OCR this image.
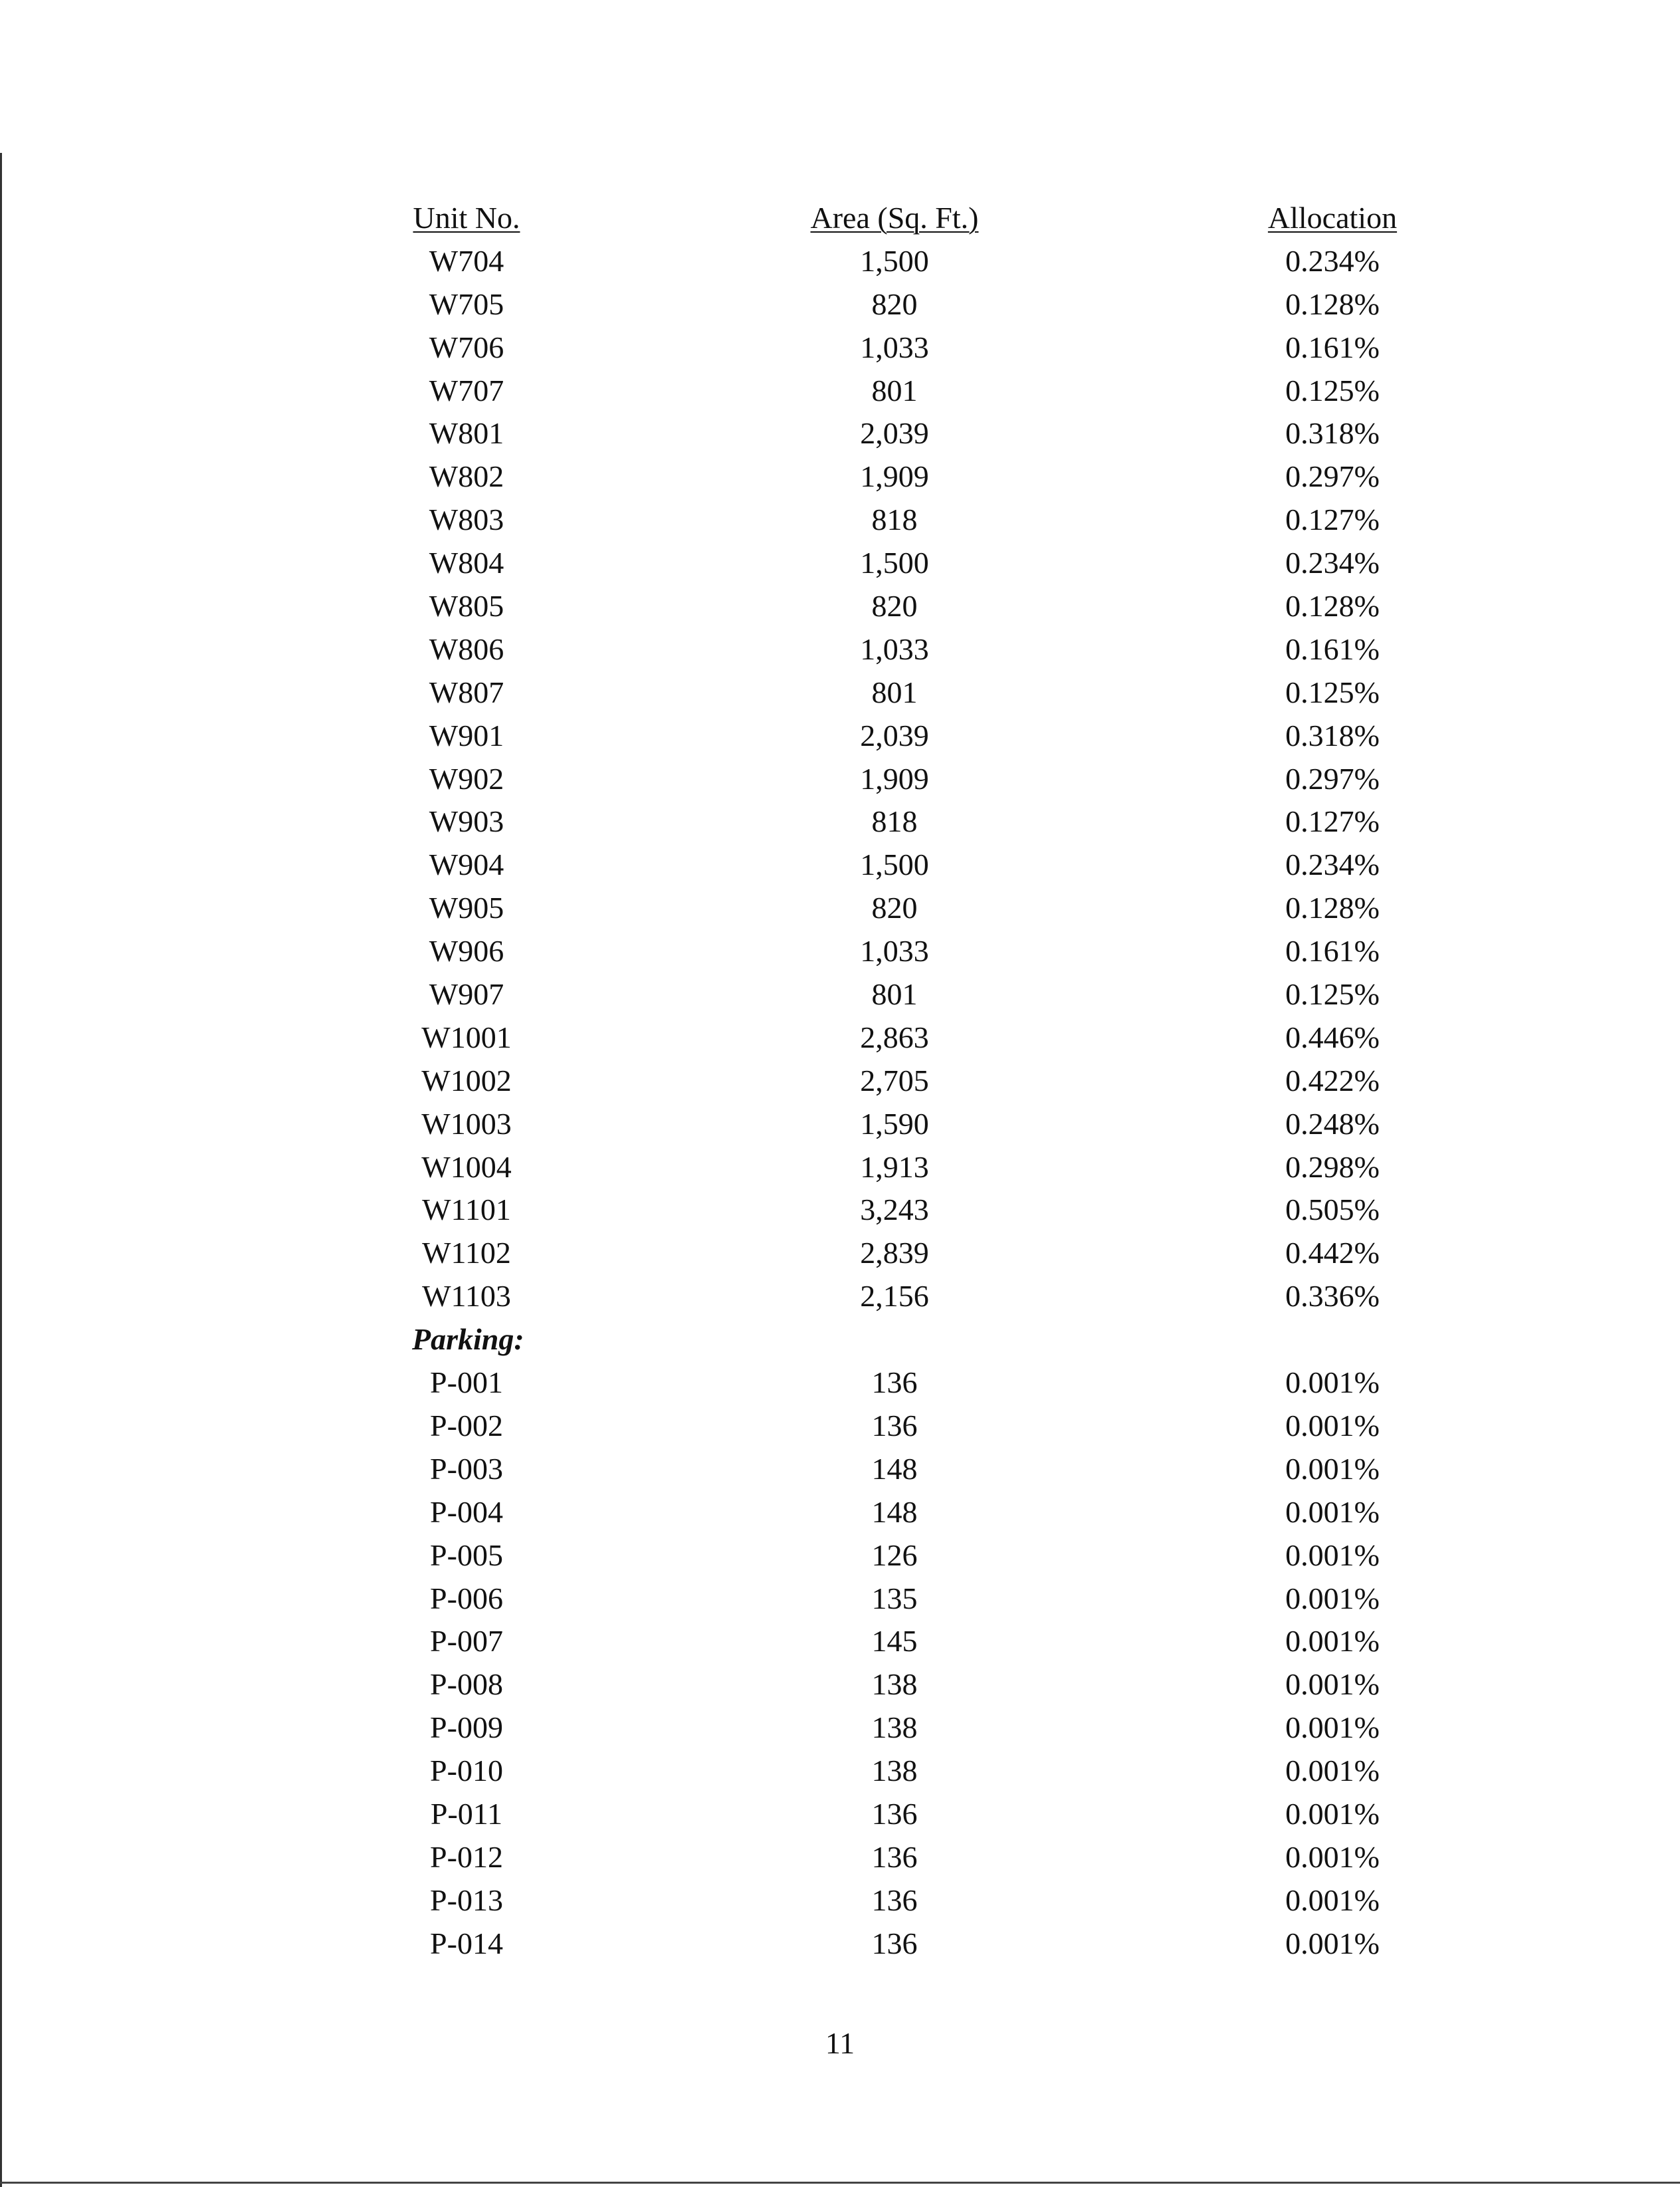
Unit No.	Area (Sq. Ft.)	Allocation
W704	1,500	0.234%
W705	820	0.128%
W706	1,033	0.161%
W707	801	0.125%
W801	2,039	0.318%
W802	1,909	0.297%
W803	818	0.127%
W804	1,500	0.234%
W805	820	0.128%
W806	1,033	0.161%
W807	801	0.125%
W901	2,039	0.318%
W902	1,909	0.297%
W903	818	0.127%
W904	1,500	0.234%
W905	820	0.128%
W906	1,033	0.161%
W907	801	0.125%
W1001	2,863	0.446%
W1002	2,705	0.422%
W1003	1,590	0.248%
W1004	1,913	0.298%
W1101	3,243	0.505%
W1102	2,839	0.442%
W1103	2,156	0.336%
Parking:
P-001	136	0.001%
P-002	136	0.001%
P-003	148	0.001%
P-004	148	0.001%
P-005	126	0.001%
P-006	135	0.001%
P-007	145	0.001%
P-008	138	0.001%
P-009	138	0.001%
P-010	138	0.001%
P-011	136	0.001%
P-012	136	0.001%
P-013	136	0.001%
P-014	136	0.001%
11
